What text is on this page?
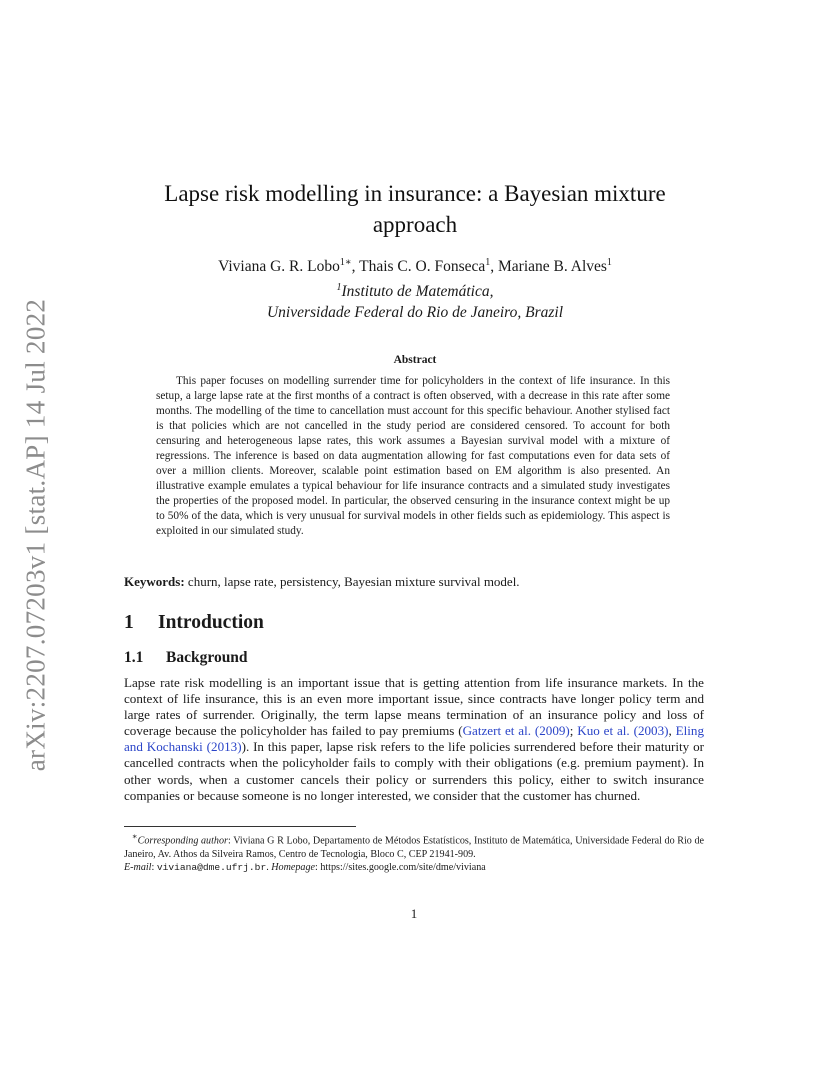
arXiv:2207.07203v1 [stat.AP] 14 Jul 2022
Lapse risk modelling in insurance: a Bayesian mixture approach
Viviana G. R. Lobo$^{1∗}$, Thais C. O. Fonseca$^1$, Mariane B. Alves$^1$
$^1$Instituto de Matemática,
Universidade Federal do Rio de Janeiro, Brazil
Abstract

This paper focuses on modelling surrender time for policyholders in the context of life insurance. In this setup, a large lapse rate at the first months of a contract is often observed, with a decrease in this rate after some months. The modelling of the time to cancellation must account for this specific behaviour. Another stylised fact is that policies which are not cancelled in the study period are considered censored. To account for both censuring and heterogeneous lapse rates, this work assumes a Bayesian survival model with a mixture of regressions. The inference is based on data augmentation allowing for fast computations even for data sets of over a million clients. Moreover, scalable point estimation based on EM algorithm is also presented. An illustrative example emulates a typical behaviour for life insurance contracts and a simulated study investigates the properties of the proposed model. In particular, the observed censuring in the insurance context might be up to 50% of the data, which is very unusual for survival models in other fields such as epidemiology. This aspect is exploited in our simulated study.

Keywords: churn, lapse rate, persistency, Bayesian mixture survival model.
1 Introduction
1.1 Background

Lapse rate risk modelling is an important issue that is getting attention from life insurance markets. In the context of life insurance, this is an even more important issue, since contracts have longer policy term and large rates of surrender. Originally, the term lapse means termination of an insurance policy and loss of coverage because the policyholder has failed to pay premiums (Gatzert et al. (2009); Kuo et al. (2003), Eling and Kochanski (2013)). In this paper, lapse risk refers to the life policies surrendered before their maturity or cancelled contracts when the policyholder fails to comply with their obligations (e.g. premium payment). In other words, when a customer cancels their policy or surrenders this policy, either to switch insurance companies or because someone is no longer interested, we consider that the customer has churned.

∗Corresponding author: Viviana G R Lobo, Departamento de Métodos Estatísticos, Instituto de Matemática, Universidade Federal do Rio de Janeiro, Av. Athos da Silveira Ramos, Centro de Tecnologia, Bloco C, CEP 21941-909.
E-mail: viviana@dme.ufrj.br. Homepage: https://sites.google.com/site/dme/viviana
1
